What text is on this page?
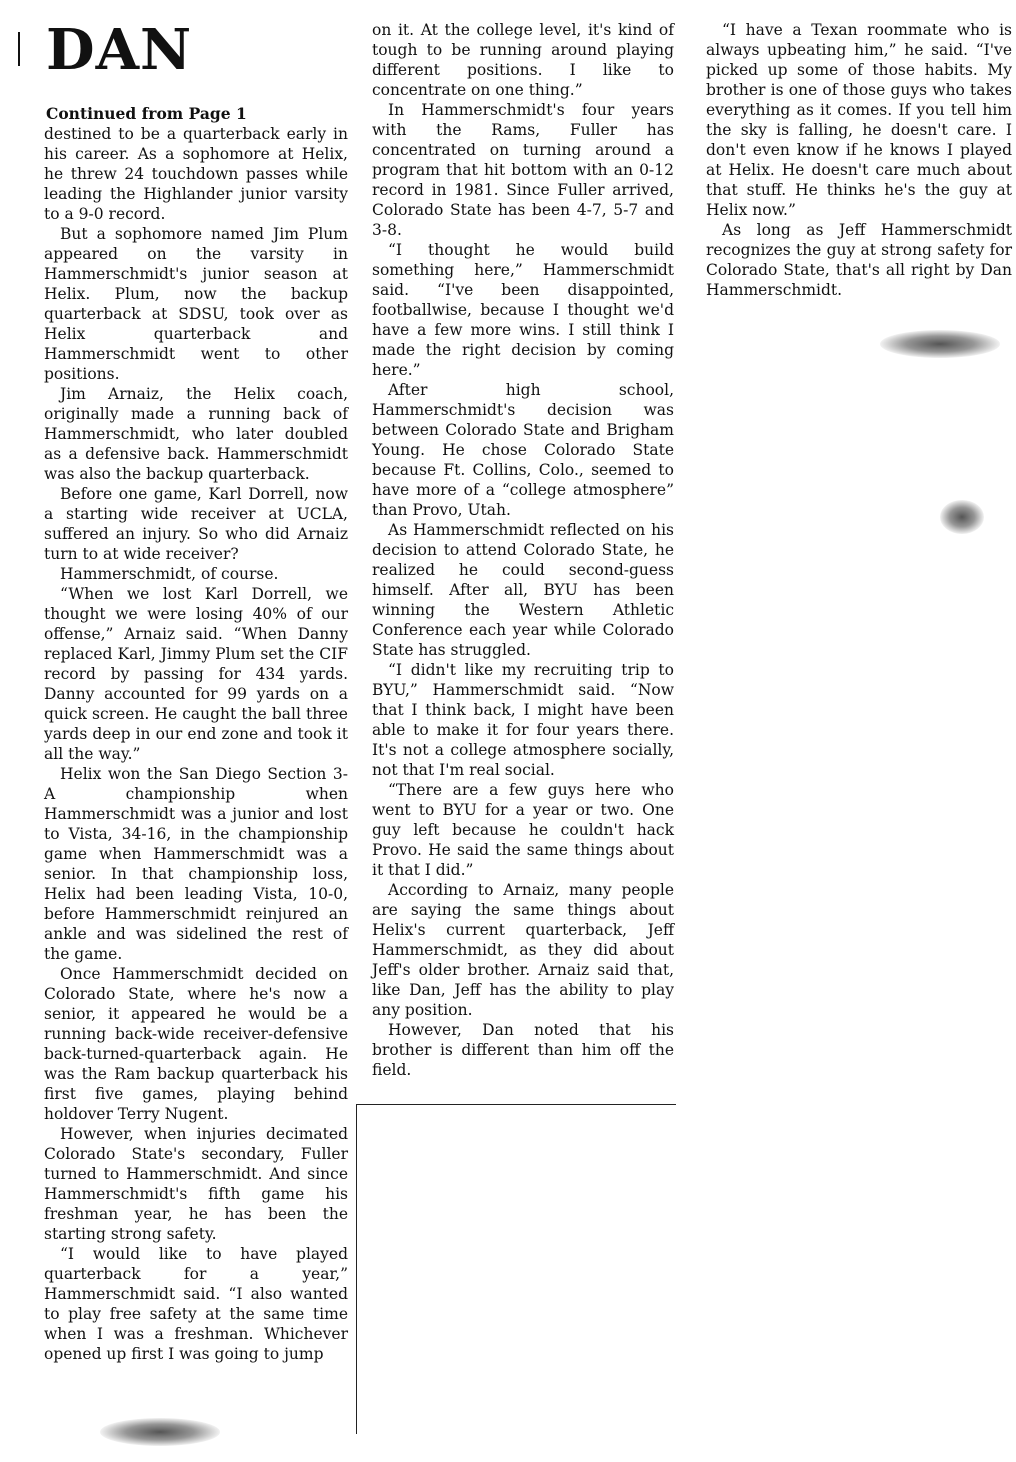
DAN
Continued from Page 1

destined to be a quarterback early in his career. As a sophomore at Helix, he threw 24 touchdown passes while leading the Highlander junior varsity to a 9-0 record.

But a sophomore named Jim Plum appeared on the varsity in Hammerschmidt's junior season at Helix. Plum, now the backup quarterback at SDSU, took over as Helix quarterback and Hammerschmidt went to other positions.

Jim Arnaiz, the Helix coach, originally made a running back of Hammerschmidt, who later doubled as a defensive back. Hammerschmidt was also the backup quarterback.

Before one game, Karl Dorrell, now a starting wide receiver at UCLA, suffered an injury. So who did Arnaiz turn to at wide receiver?

Hammerschmidt, of course.

“When we lost Karl Dorrell, we thought we were losing 40% of our offense,” Arnaiz said. “When Danny replaced Karl, Jimmy Plum set the CIF record by passing for 434 yards. Danny accounted for 99 yards on a quick screen. He caught the ball three yards deep in our end zone and took it all the way.”

Helix won the San Diego Section 3-A championship when Hammerschmidt was a junior and lost to Vista, 34-16, in the championship game when Hammerschmidt was a senior. In that championship loss, Helix had been leading Vista, 10-0, before Hammerschmidt reinjured an ankle and was sidelined the rest of the game.

Once Hammerschmidt decided on Colorado State, where he's now a senior, it appeared he would be a running back-wide receiver-defensive back-turned-quarterback again. He was the Ram backup quarterback his first five games, playing behind holdover Terry Nugent.

However, when injuries decimated Colorado State's secondary, Fuller turned to Hammerschmidt. And since Hammerschmidt's fifth game his freshman year, he has been the starting strong safety.

“I would like to have played quarterback for a year,” Hammerschmidt said. “I also wanted to play free safety at the same time when I was a freshman. Whichever opened up first I was going to jump

on it. At the college level, it's kind of tough to be running around playing different positions. I like to concentrate on one thing.”

In Hammerschmidt's four years with the Rams, Fuller has concentrated on turning around a program that hit bottom with an 0-12 record in 1981. Since Fuller arrived, Colorado State has been 4-7, 5-7 and 3-8.

“I thought he would build something here,” Hammerschmidt said. “I've been disappointed, footballwise, because I thought we'd have a few more wins. I still think I made the right decision by coming here.”

After high school, Hammerschmidt's decision was between Colorado State and Brigham Young. He chose Colorado State because Ft. Collins, Colo., seemed to have more of a “college atmosphere” than Provo, Utah.

As Hammerschmidt reflected on his decision to attend Colorado State, he realized he could second-guess himself. After all, BYU has been winning the Western Athletic Conference each year while Colorado State has struggled.

“I didn't like my recruiting trip to BYU,” Hammerschmidt said. “Now that I think back, I might have been able to make it for four years there. It's not a college atmosphere socially, not that I'm real social.

“There are a few guys here who went to BYU for a year or two. One guy left because he couldn't hack Provo. He said the same things about it that I did.”

According to Arnaiz, many people are saying the same things about Helix's current quarterback, Jeff Hammerschmidt, as they did about Jeff's older brother. Arnaiz said that, like Dan, Jeff has the ability to play any position.

However, Dan noted that his brother is different than him off the field.

“I have a Texan roommate who is always upbeating him,” he said. “I've picked up some of those habits. My brother is one of those guys who takes everything as it comes. If you tell him the sky is falling, he doesn't care. I don't even know if he knows I played at Helix. He doesn't care much about that stuff. He thinks he's the guy at Helix now.”

As long as Jeff Hammerschmidt recognizes the guy at strong safety for Colorado State, that's all right by Dan Hammerschmidt.
